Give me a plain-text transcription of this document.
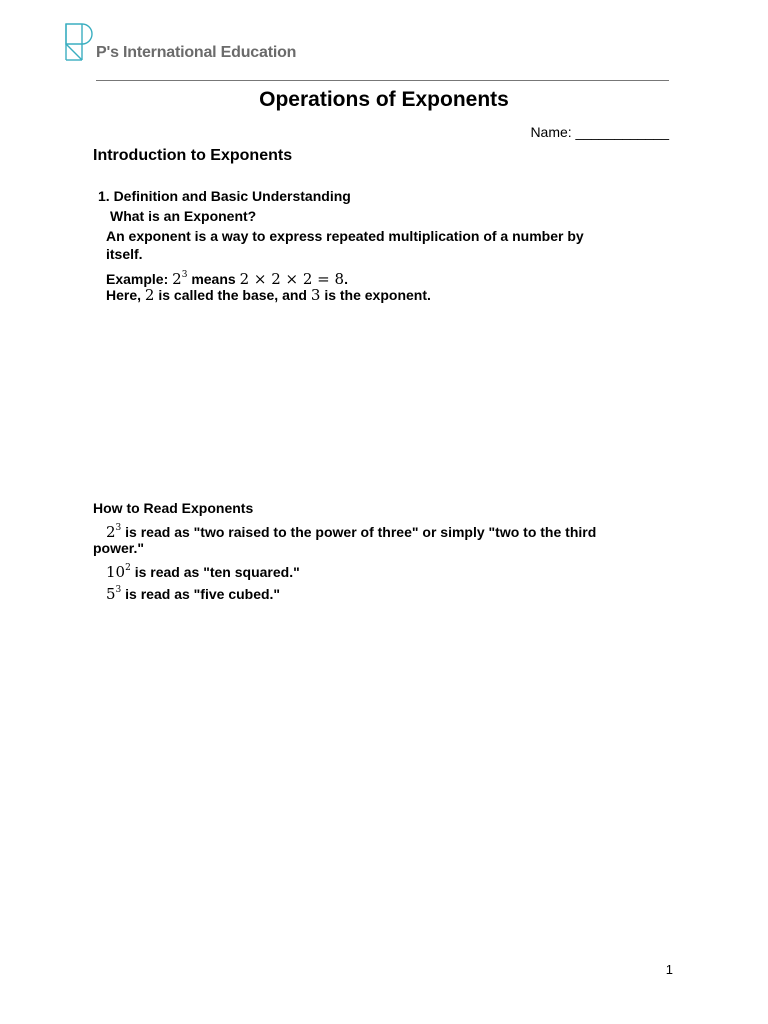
P's International Education
Operations of Exponents
Name: ____________
Introduction to Exponents
1. Definition and Basic Understanding
What is an Exponent?
An exponent is a way to express repeated multiplication of a number by
itself.
Example: $2^3$ means 2 × 2 × 2 = 8.
Here, 2 is called the base, and 3 is the exponent.
How to Read Exponents
$2^3$ is read as "two raised to the power of three" or simply "two to the third
power."
$10^2$ is read as "ten squared."
$5^3$ is read as "five cubed."
1
